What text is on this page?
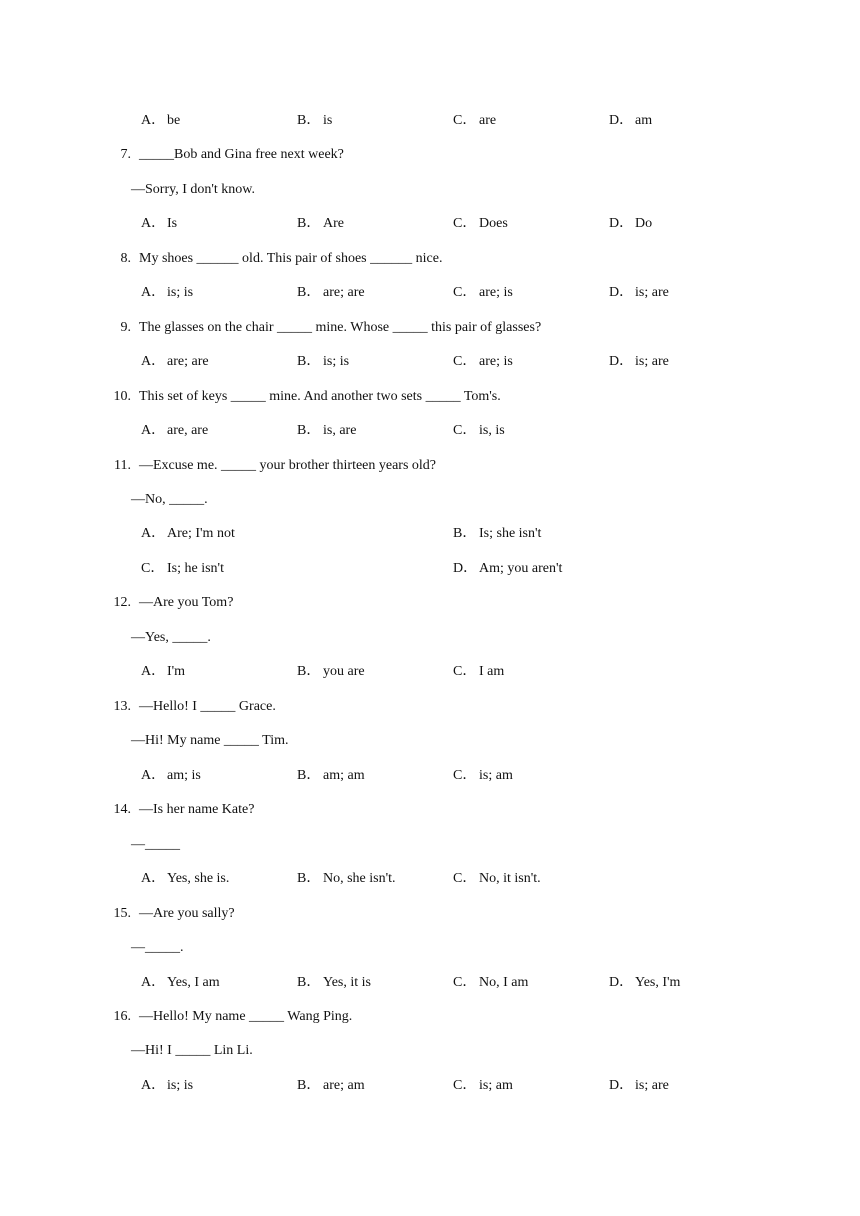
A． be	B． is	C． are	D． am
7. _____Bob and Gina free next week?
—Sorry, I don't know.
A． Is	B． Are	C． Does	D． Do
8. My shoes ______ old. This pair of shoes ______ nice.
A． is; is	B． are; are	C． are; is	D． is; are
9. The glasses on the chair _____ mine. Whose _____ this pair of glasses?
A． are; are	B． is; is	C． are; is	D． is; are
10. This set of keys _____ mine. And another two sets _____ Tom's.
A． are, are	B． is, are	C． is, is
11. —Excuse me. _____ your brother thirteen years old?
—No, _____.
A． Are; I'm not	B． Is; she isn't
C． Is; he isn't	D． Am; you aren't
12. —Are you Tom?
—Yes, _____.
A． I'm	B． you are	C． I am
13. —Hello! I _____ Grace.
—Hi! My name _____ Tim.
A． am; is	B． am; am	C． is; am
14. —Is her name Kate?
—_____
A． Yes, she is.	B． No, she isn't.	C． No, it isn't.
15. —Are you sally?
—_____.
A． Yes, I am	B． Yes, it is	C． No, I am	D． Yes, I'm
16. —Hello! My name _____ Wang Ping.
—Hi! I _____ Lin Li.
A． is; is	B． are; am	C． is; am	D． is; are
